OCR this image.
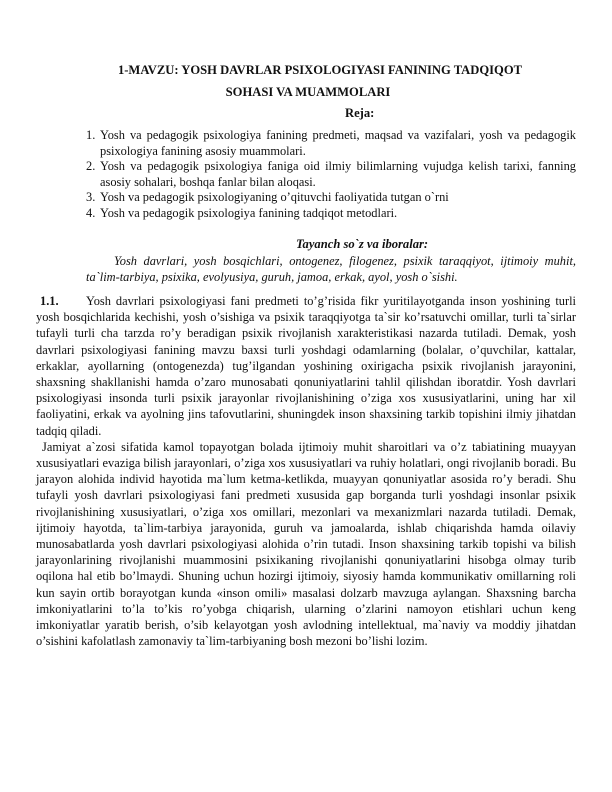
1-MAVZU: YOSH DAVRLAR PSIXOLOGIYASI FANINING TADQIQOT
SOHASI VA MUAMMOLARI
Reja:
1. Yosh va pedagogik psixologiya fanining predmeti, maqsad va vazifalari, yosh va pedagogik psixologiya fanining asosiy muammolari.
2. Yosh va pedagogik psixologiya faniga oid ilmiy bilimlarning vujudga kelish tarixi, fanning asosiy sohalari, boshqa fanlar bilan aloqasi.
3. Yosh va pedagogik psixologiyaning o’qituvchi faoliyatida tutgan o`rni
4. Yosh va pedagogik psixologiya fanining tadqiqot metodlari.
Tayanch so`z va iboralar:

Yosh davrlari, yosh bosqichlari, ontogenez, filogenez, psixik taraqqiyot, ijtimoiy muhit, ta`lim-tarbiya, psixika, evolyusiya, guruh, jamoa, erkak, ayol, yosh o`sishi.

1.1. Yosh davrlari psixologiyasi fani predmeti to’g’risida fikr yuritilayotganda inson yoshining turli yosh bosqichlarida kechishi, yosh o’sishiga va psixik taraqqiyotga ta`sir ko’rsatuvchi omillar, turli ta`sirlar tufayli turli cha tarzda ro’y beradigan psixik rivojlanish xarakteristikasi nazarda tutiladi. Demak, yosh davrlari psixologiyasi fanining mavzu baxsi turli yoshdagi odamlarning (bolalar, o’quvchilar, kattalar, erkaklar, ayollarning (ontogenezda) tug’ilgandan yoshining oxirigacha psixik rivojlanish jarayonini, shaxsning shakllanishi hamda o’zaro munosabati qonuniyatlarini tahlil qilishdan iboratdir. Yosh davrlari psixologiyasi insonda turli psixik jarayonlar rivojlanishining o’ziga xos xususiyatlarini, uning har xil faoliyatini, erkak va ayolning jins tafovutlarini, shuningdek inson shaxsining tarkib topishini ilmiy jihatdan tadqiq qiladi.

Jamiyat a`zosi sifatida kamol topayotgan bolada ijtimoiy muhit sharoitlari va o’z tabiatining muayyan xususiyatlari evaziga bilish jarayonlari, o’ziga xos xususiyatlari va ruhiy holatlari, ongi rivojlanib boradi. Bu jarayon alohida individ hayotida ma`lum ketma-ketlikda, muayyan qonuniyatlar asosida ro’y beradi. Shu tufayli yosh davrlari psixologiyasi fani predmeti xususida gap borganda turli yoshdagi insonlar psixik rivojlanishining xususiyatlari, o’ziga xos omillari, mezonlari va mexanizmlari nazarda tutiladi. Demak, ijtimoiy hayotda, ta`lim-tarbiya jarayonida, guruh va jamoalarda, ishlab chiqarishda hamda oilaviy munosabatlarda yosh davrlari psixologiyasi alohida o’rin tutadi. Inson shaxsining tarkib topishi va bilish jarayonlarining rivojlanishi muammosini psixikaning rivojlanishi qonuniyatlarini hisobga olmay turib oqilona hal etib bo’lmaydi. Shuning uchun hozirgi ijtimoiy, siyosiy hamda kommunikativ omillarning roli kun sayin ortib borayotgan kunda «inson omili» masalasi dolzarb mavzuga aylangan. Shaxsning barcha imkoniyatlarini to’la to’kis ro’yobga chiqarish, ularning o’zlarini namoyon etishlari uchun keng imkoniyatlar yaratib berish, o’sib kelayotgan yosh avlodning intellektual, ma`naviy va moddiy jihatdan o’sishini kafolatlash zamonaviy ta`lim-tarbiyaning bosh mezoni bo’lishi lozim.
